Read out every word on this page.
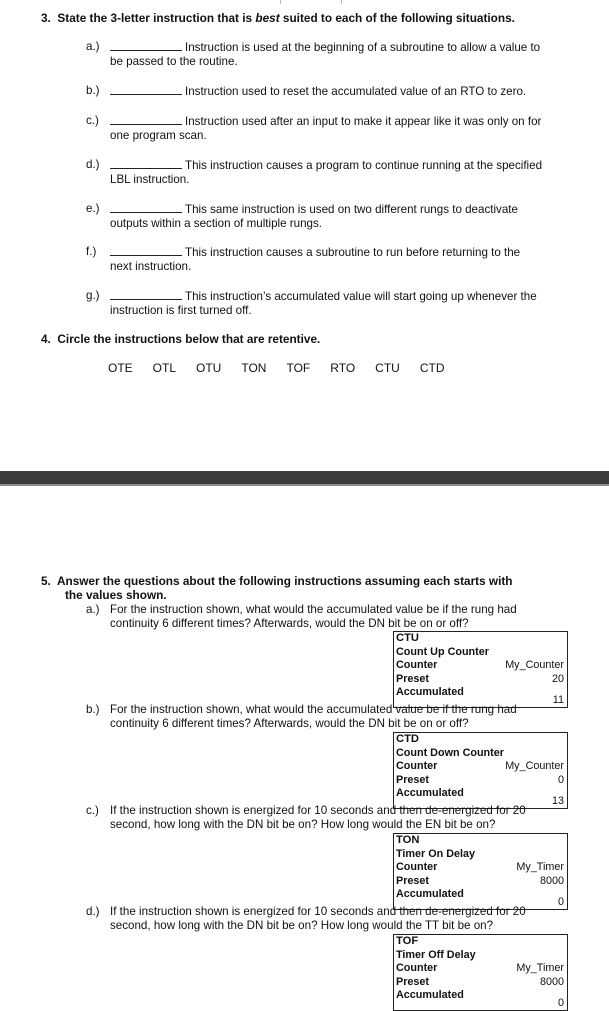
3. State the 3-letter instruction that is best suited to each of the following situations.
a.)	Instruction is used at the beginning of a subroutine to allow a value to
be passed to the routine.
b.)	Instruction used to reset the accumulated value of an RTO to zero.
c.)	Instruction used after an input to make it appear like it was only on for
one program scan.
d.)	This instruction causes a program to continue running at the specified
LBL instruction.
e.)	This same instruction is used on two different rungs to deactivate
outputs within a section of multiple rungs.
f.)	This instruction causes a subroutine to run before returning to the
next instruction.
g.)	This instruction’s accumulated value will start going up whenever the
instruction is first turned off.
4. Circle the instructions below that are retentive.
OTE OTL OTU TON TOF RTO CTU CTD
5. Answer the questions about the following instructions assuming each starts with
the values shown.
a.) For the instruction shown, what would the accumulated value be if the rung had
continuity 6 different times? Afterwards, would the DN bit be on or off?
CTU
Count Up Counter
Counter	My_Counter
Preset	20
Accumulated
11
b.) For the instruction shown, what would the accumulated value be if the rung had
continuity 6 different times? Afterwards, would the DN bit be on or off?
CTD
Count Down Counter
Counter	My_Counter
Preset	0
Accumulated
13
c.) If the instruction shown is energized for 10 seconds and then de-energized for 20
second, how long with the DN bit be on? How long would the EN bit be on?
TON
Timer On Delay
Counter	My_Timer
Preset	8000
Accumulated
0
d.) If the instruction shown is energized for 10 seconds and then de-energized for 20
second, how long with the DN bit be on? How long would the TT bit be on?
TOF
Timer Off Delay
Counter	My_Timer
Preset	8000
Accumulated
0
